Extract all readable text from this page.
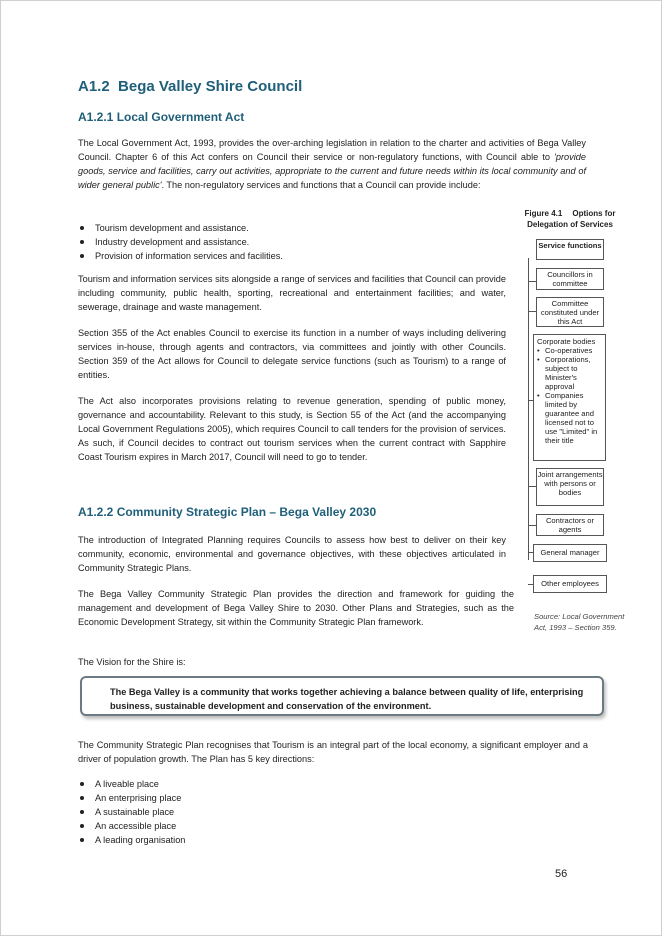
A1.2 Bega Valley Shire Council
A1.2.1 Local Government Act

The Local Government Act, 1993, provides the over-arching legislation in relation to the charter and activities of Bega Valley Council. Chapter 6 of this Act confers on Council their service or non-regulatory functions, with Council able to 'provide goods, service and facilities, carry out activities, appropriate to the current and future needs within its local community and of wider general public'. The non-regulatory services and functions that a Council can provide include:

Tourism development and assistance.
Industry development and assistance.
Provision of information services and facilities.

Tourism and information services sits alongside a range of services and facilities that Council can provide including community, public health, sporting, recreational and entertainment facilities; and water, sewerage, drainage and waste management.

Section 355 of the Act enables Council to exercise its function in a number of ways including delivering services in-house, through agents and contractors, via committees and jointly with other Councils. Section 359 of the Act allows for Council to delegate service functions (such as Tourism) to a range of entities.

The Act also incorporates provisions relating to revenue generation, spending of public money, governance and accountability. Relevant to this study, is Section 55 of the Act (and the accompanying Local Government Regulations 2005), which requires Council to call tenders for the provision of services. As such, if Council decides to contract out tourism services when the current contract with Sapphire Coast Tourism expires in March 2017, Council will need to go to tender.

Figure 4.1 Options for Delegation of Services
Service functions
Councillors in committee
Committee constituted under this Act
Corporate bodies
• Co-operatives
• Corporations, subject to Minister's approval
• Companies limited by guarantee and licensed not to use "Limited" in their title
Joint arrangements with persons or bodies
Contractors or agents
General manager
Other employees
Source: Local Government Act, 1993 – Section 359.
A1.2.2 Community Strategic Plan – Bega Valley 2030

The introduction of Integrated Planning requires Councils to assess how best to deliver on their key community, economic, environmental and governance objectives, with these objectives articulated in Community Strategic Plans.

The Bega Valley Community Strategic Plan provides the direction and framework for guiding the management and development of Bega Valley Shire to 2030. Other Plans and Strategies, such as the Economic Development Strategy, sit within the Community Strategic Plan framework.

The Vision for the Shire is:

The Bega Valley is a community that works together achieving a balance between quality of life, enterprising business, sustainable development and conservation of the environment.

The Community Strategic Plan recognises that Tourism is an integral part of the local economy, a significant employer and a driver of population growth. The Plan has 5 key directions:

A liveable place
An enterprising place
A sustainable place
An accessible place
A leading organisation
56
